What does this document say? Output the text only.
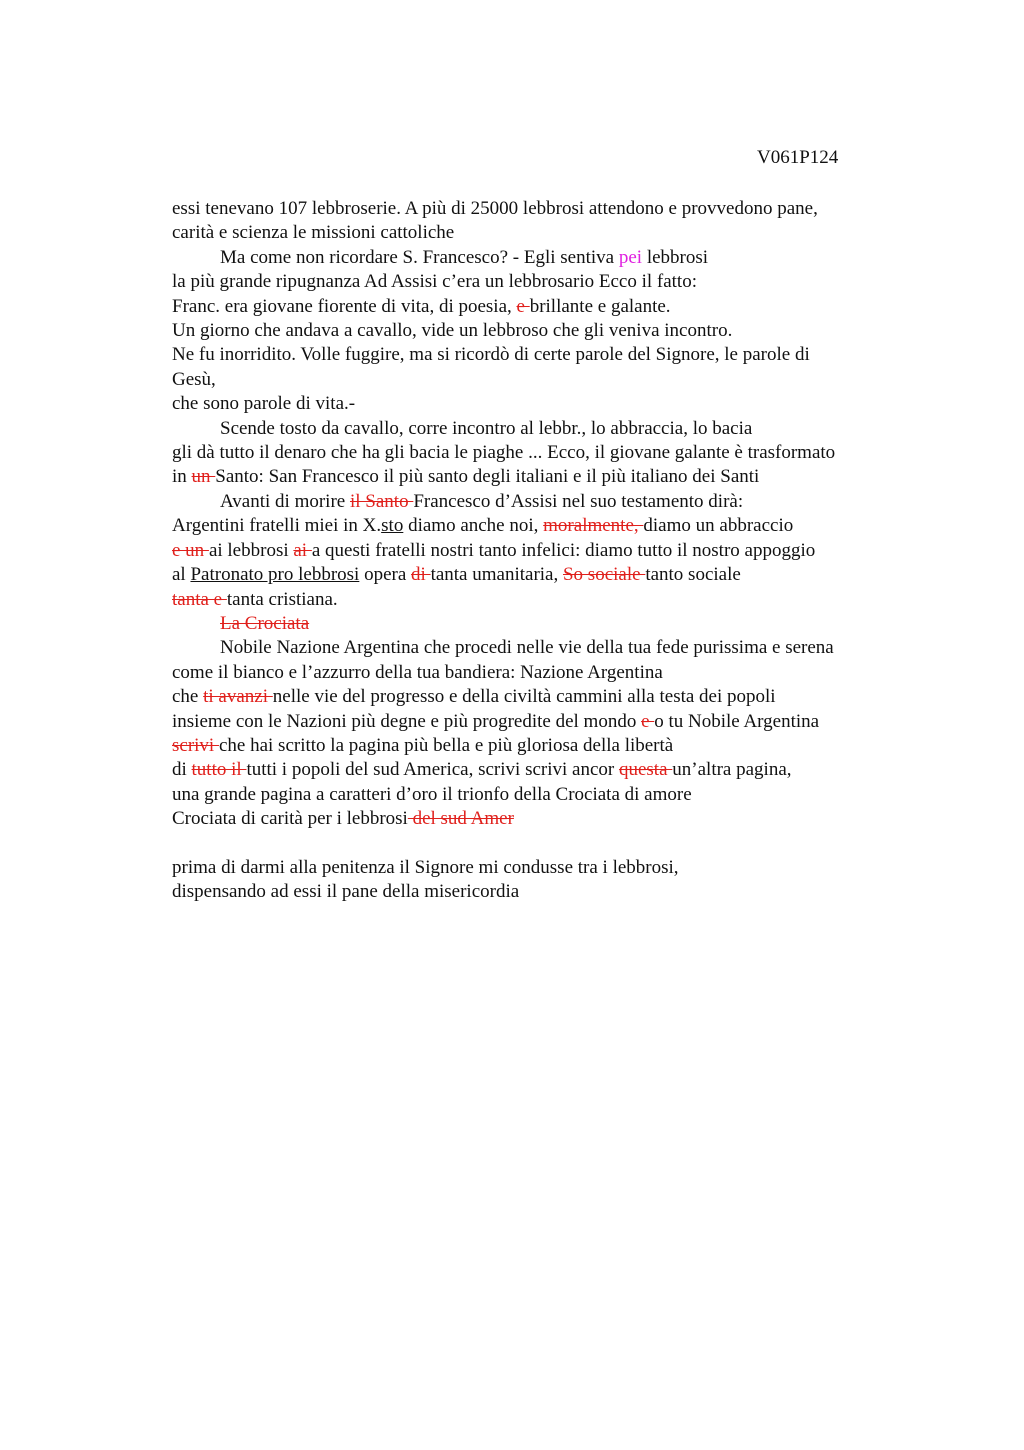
V061P124
essi tenevano 107 lebbroserie. A più di 25000 lebbrosi attendono e provvedono pane,
carità e scienza le missioni cattoliche
Ma come non ricordare S. Francesco? - Egli sentiva pei lebbrosi
la più grande ripugnanza Ad Assisi c’era un lebbrosario Ecco il fatto:
Franc. era giovane fiorente di vita, di poesia, e brillante e galante.
Un giorno che andava a cavallo, vide un lebbroso che gli veniva incontro.
Ne fu inorridito. Volle fuggire, ma si ricordò di certe parole del Signore, le parole di
Gesù,
che sono parole di vita.-
Scende tosto da cavallo, corre incontro al lebbr., lo abbraccia, lo bacia
gli dà tutto il denaro che ha gli bacia le piaghe ... Ecco, il giovane galante è trasformato
in un Santo: San Francesco il più santo degli italiani e il più italiano dei Santi
Avanti di morire il Santo Francesco d’Assisi nel suo testamento dirà:
Argentini fratelli miei in X.sto diamo anche noi, moralmente, diamo un abbraccio
e un ai lebbrosi ai a questi fratelli nostri tanto infelici: diamo tutto il nostro appoggio
al Patronato pro lebbrosi opera di tanta umanitaria, So sociale tanto sociale
tanta e tanta cristiana.
La Crociata
Nobile Nazione Argentina che procedi nelle vie della tua fede purissima e serena
come il bianco e l’azzurro della tua bandiera: Nazione Argentina
che ti avanzi nelle vie del progresso e della civiltà cammini alla testa dei popoli
insieme con le Nazioni più degne e più progredite del mondo e o tu Nobile Argentina
scrivi che hai scritto la pagina più bella e più gloriosa della libertà
di tutto il tutti i popoli del sud America, scrivi scrivi ancor questa un’altra pagina,
una grande pagina a caratteri d’oro il trionfo della Crociata di amore
Crociata di carità per i lebbrosi del sud Amer
prima di darmi alla penitenza il Signore mi condusse tra i lebbrosi,
dispensando ad essi il pane della misericordia
